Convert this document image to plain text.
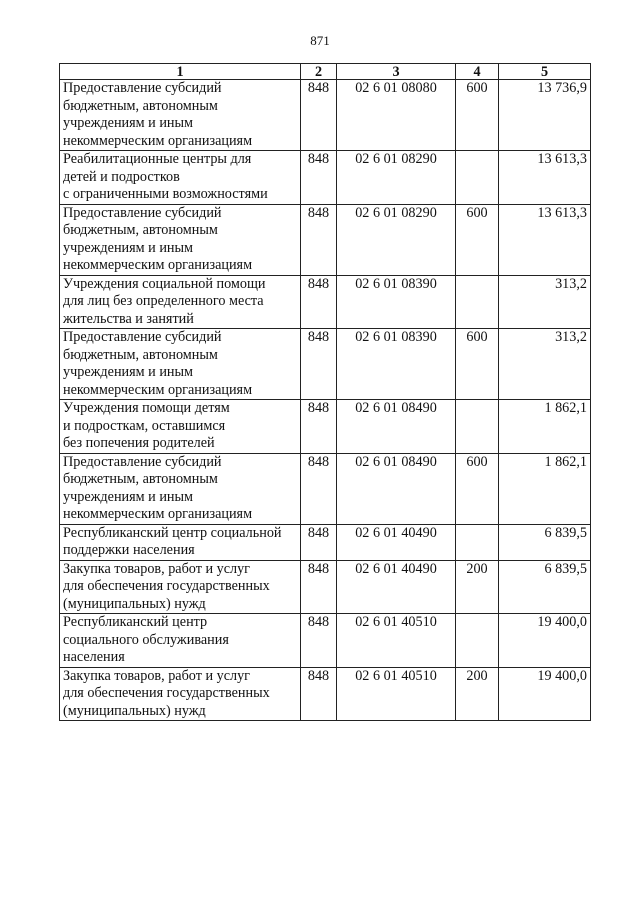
871
1	2	3	4	5
Предоставление субсидий
бюджетным, автономным
учреждениям и иным
некоммерческим организациям	848	02 6 01 08080	600	13 736,9
Реабилитационные центры для
детей и подростков
с ограниченными возможностями	848	02 6 01 08290		13 613,3
Предоставление субсидий
бюджетным, автономным
учреждениям и иным
некоммерческим организациям	848	02 6 01 08290	600	13 613,3
Учреждения социальной помощи
для лиц без определенного места
жительства и занятий	848	02 6 01 08390		313,2
Предоставление субсидий
бюджетным, автономным
учреждениям и иным
некоммерческим организациям	848	02 6 01 08390	600	313,2
Учреждения помощи детям
и подросткам, оставшимся
без попечения родителей	848	02 6 01 08490		1 862,1
Предоставление субсидий
бюджетным, автономным
учреждениям и иным
некоммерческим организациям	848	02 6 01 08490	600	1 862,1
Республиканский центр социальной
поддержки населения	848	02 6 01 40490		6 839,5
Закупка товаров, работ и услуг
для обеспечения государственных
(муниципальных) нужд	848	02 6 01 40490	200	6 839,5
Республиканский центр
социального обслуживания
населения	848	02 6 01 40510		19 400,0
Закупка товаров, работ и услуг
для обеспечения государственных
(муниципальных) нужд	848	02 6 01 40510	200	19 400,0
